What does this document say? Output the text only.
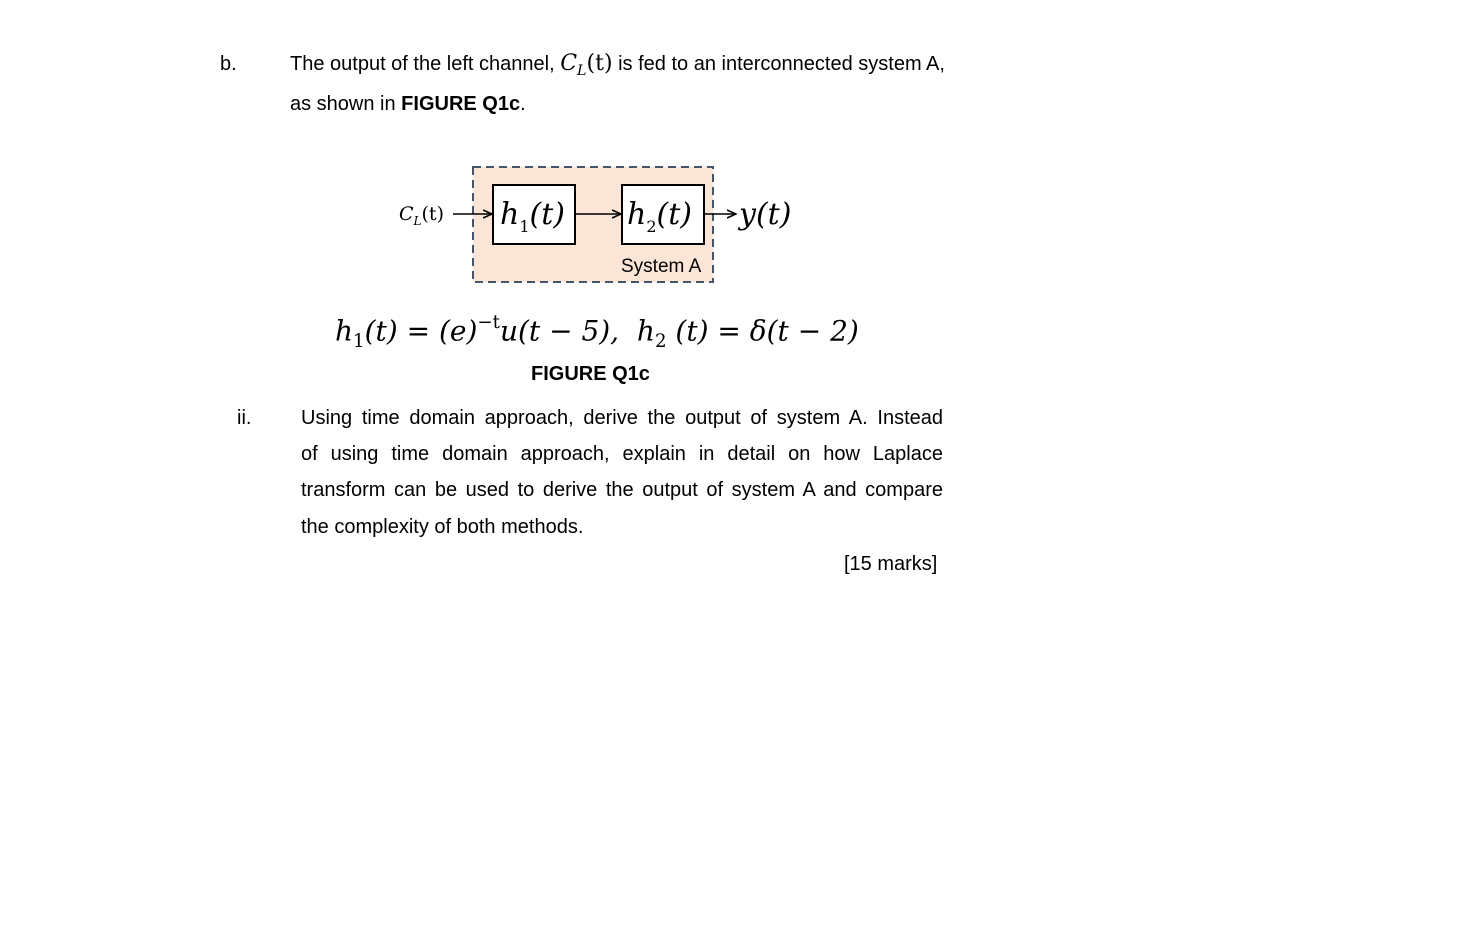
b.	The output of the left channel, $C_L(t)$ is fed to an interconnected system A,
as shown in FIGURE Q1c.
$C_L(t)$ $h_1(t)$ $h_2(t)$ y(t)
System A
$h_1(t) = (e)^{-t}u(t - 5)$, $h_2$ (t) = δ(t − 2)
FIGURE Q1c
ii. Using time domain approach, derive the output of system A. Instead
of using time domain approach, explain in detail on how Laplace
transform can be used to derive the output of system A and compare
the complexity of both methods.
[15 marks]
